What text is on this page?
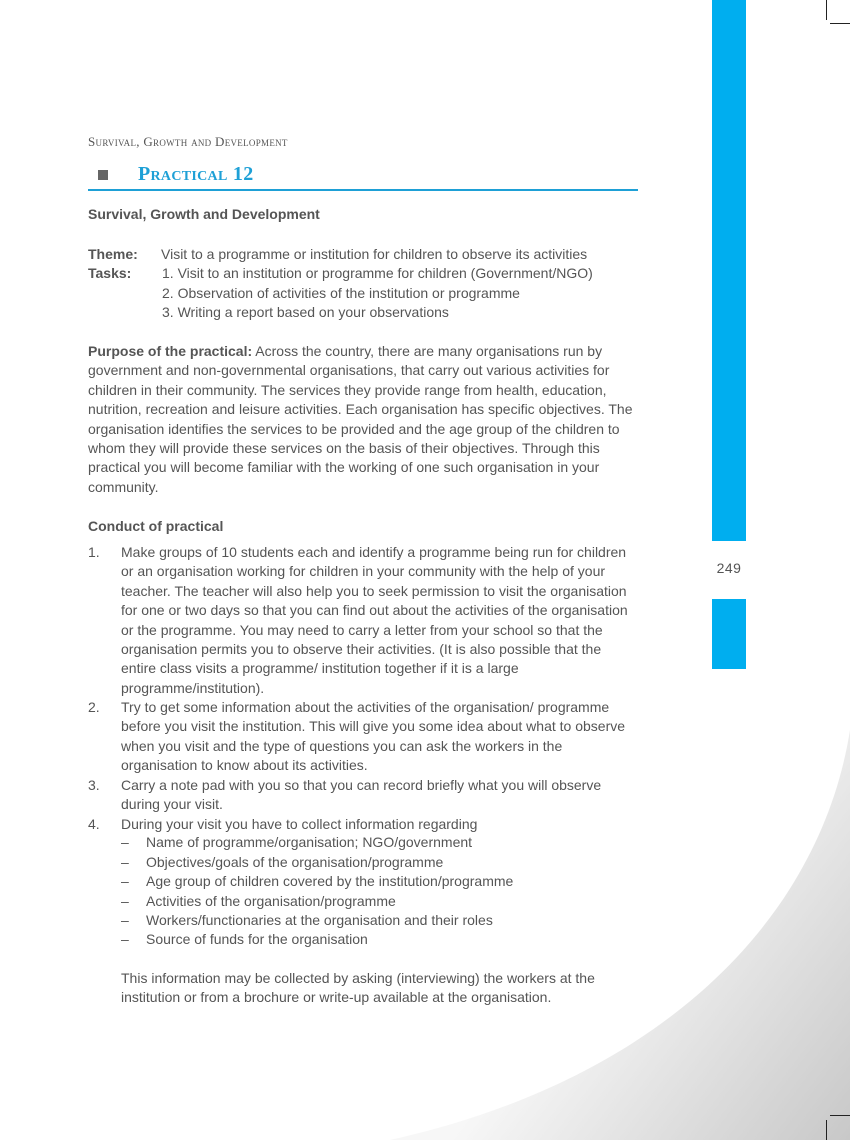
249
Survival, Growth and Development
Practical 12
Survival, Growth and Development
Theme: Visit to a programme or institution for children to observe its activities
Tasks:	1. Visit to an institution or programme for children (Government/NGO)
2. Observation of activities of the institution or programme
3. Writing a report based on your observations
Purpose of the practical: Across the country, there are many organisations run by government and non-governmental organisations, that carry out various activities for children in their community. The services they provide range from health, education, nutrition, recreation and leisure activities. Each organisation has specific objectives. The organisation identifies the services to be provided and the age group of the children to whom they will provide these services on the basis of their objectives. Through this practical you will become familiar with the working of one such organisation in your community.
Conduct of practical
1. Make groups of 10 students each and identify a programme being run for children or an organisation working for children in your community with the help of your teacher. The teacher will also help you to seek permission to visit the organisation for one or two days so that you can find out about the activities of the organisation or the programme. You may need to carry a letter from your school so that the organisation permits you to observe their activities. (It is also possible that the entire class visits a programme/ institution together if it is a large programme/institution).
2. Try to get some information about the activities of the organisation/ programme before you visit the institution. This will give you some idea about what to observe when you visit and the type of questions you can ask the workers in the organisation to know about its activities.
3. Carry a note pad with you so that you can record briefly what you will observe during your visit.
4. During your visit you have to collect information regarding
– Name of programme/organisation; NGO/government
– Objectives/goals of the organisation/programme
– Age group of children covered by the institution/programme
– Activities of the organisation/programme
– Workers/functionaries at the organisation and their roles
– Source of funds for the organisation
This information may be collected by asking (interviewing) the workers at the institution or from a brochure or write-up available at the organisation.
